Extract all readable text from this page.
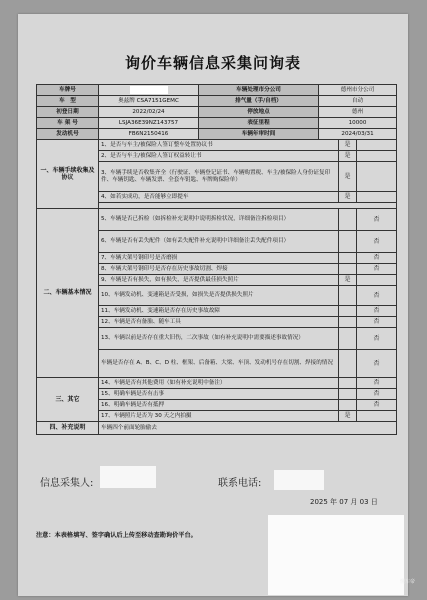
询价车辆信息采集问询表
车牌号		车辆处理市分公司	德州市分公司		
车　型	奥兹牌 CSA7151GEMC	排气量（手/自档）	自动		
初登日期	2022/02/24	停放地点	德州		
车 架 号	LSJA36E39NZ143757	表征里程	10000		
发动机号	FB6N2150416	车辆年审时间	2024/03/31		
一、车辆手续收集及协议	1、是否与车主/被保险人签订整车处置协议书			是	
	2、是否与车主/被保险人签订权益转让书			是	
	3、车辆手续是否收集齐全（行驶证、车辆登记证书、车辆购置税、车主/被保险人身份证复印件、车辆钥匙、车辆发票、全套车钥匙、车牌购保险单）			是	
	4、如若实成功，是否能够立即提车			是	

二、车辆基本情况	5、车辆是否已拆检（如拆检补充说明中说明拆检状况，详细备注拆检项目）				否
	6、车辆是否有丢失配件（如有丢失配件补充说明中详细备注丢失配件项目）				否
	7、车辆大架号钢印号是否磨损				否
	8、车辆大架号钢印号是否存在历史事故切割、焊接				否
	9、车辆是否有损失，如有损失，是否提供最佳损失照片			是	
	10、车辆发动机、变速箱是否受损，如损失是否提供损失照片				否
	11、车辆发动机、变速箱是否存在历史事故故障				否
	12、车辆是否有备胎、随车工具				否
	13、车辆以前是否存在重大旧伤，二次事故（如有补充说明中需要描述事故情况）				否
	车辆是否存在 A、B、C、D 柱、框架、后备箱、大梁、车顶、发动机号存在切割、焊接的情况				否
三、其它	14、车辆是否有其他费用（如有补充说明中备注）				否
	15、明确车辆是否有击事				否
	16、明确车辆是否有抵押				否
	17、车辆照片是否为 30 天之内拍摄			是	
四、补充说明	车辆四个前面轮胎偷去				
信息采集人:	联系电话:
2025 年 07 月 03 日
注意：本表格填写、签字确认后上传至移动查勘询价平台。
懂车帝
